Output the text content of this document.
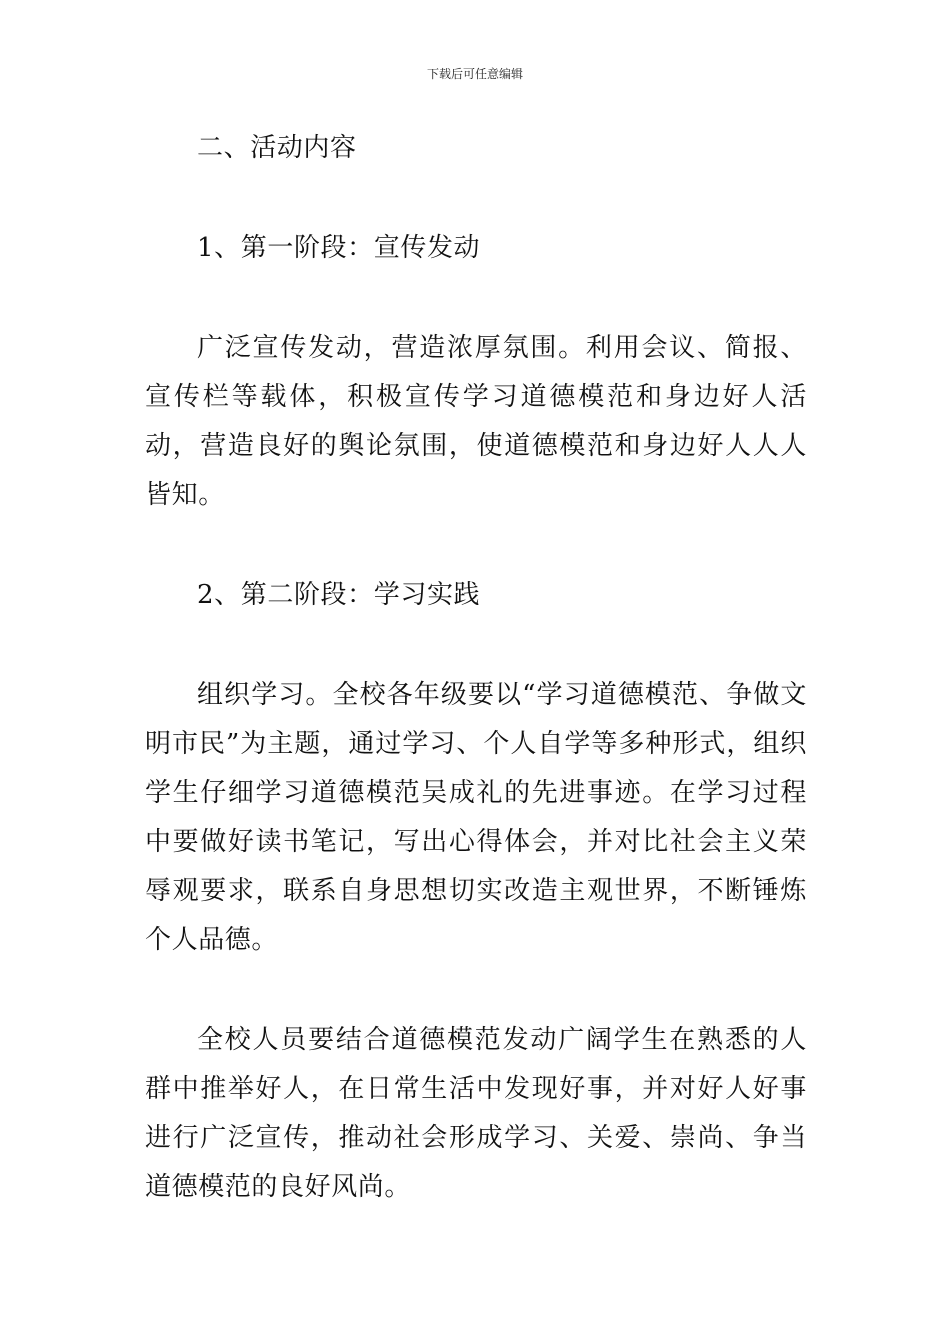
下载后可任意编辑

二、活动内容

1、第一阶段：宣传发动

广泛宣传发动，营造浓厚氛围。利用会议、简报、宣传栏等载体，积极宣传学习道德模范和身边好人活动，营造良好的舆论氛围，使道德模范和身边好人人人皆知。

2、第二阶段：学习实践

组织学习。全校各年级要以“学习道德模范、争做文明市民”为主题，通过学习、个人自学等多种形式，组织学生仔细学习道德模范吴成礼的先进事迹。在学习过程中要做好读书笔记，写出心得体会，并对比社会主义荣辱观要求，联系自身思想切实改造主观世界，不断锤炼个人品德。

全校人员要结合道德模范发动广阔学生在熟悉的人群中推举好人，在日常生活中发现好事，并对好人好事进行广泛宣传，推动社会形成学习、关爱、崇尚、争当道德模范的良好风尚。
